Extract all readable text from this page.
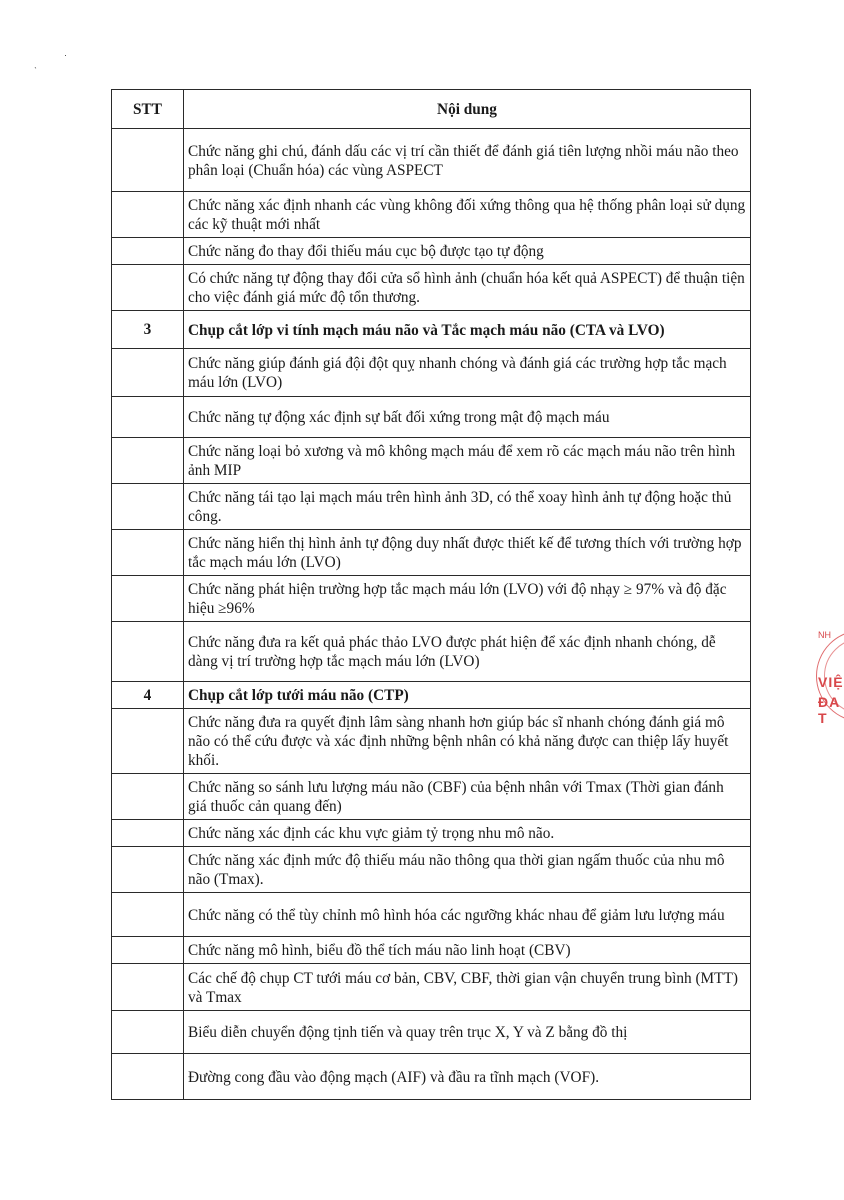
·
ˋ
STT	Nội dung
	Chức năng ghi chú, đánh dấu các vị trí cần thiết để đánh giá tiên lượng nhồi máu não theo phân loại (Chuẩn hóa) các vùng ASPECT
	Chức năng xác định nhanh các vùng không đối xứng thông qua hệ thống phân loại sử dụng các kỹ thuật mới nhất
	Chức năng đo thay đổi thiếu máu cục bộ được tạo tự động
	Có chức năng tự động thay đổi cửa sổ hình ảnh (chuẩn hóa kết quả ASPECT) để thuận tiện cho việc đánh giá mức độ tổn thương.
3	Chụp cắt lớp vi tính mạch máu não và Tắc mạch máu não (CTA và LVO)
	Chức năng giúp đánh giá đội đột quỵ nhanh chóng và đánh giá các trường hợp tắc mạch máu lớn (LVO)
	Chức năng tự động xác định sự bất đối xứng trong mật độ mạch máu
	Chức năng loại bỏ xương và mô không mạch máu để xem rõ các mạch máu não trên hình ảnh MIP
	Chức năng tái tạo lại mạch máu trên hình ảnh 3D, có thể xoay hình ảnh tự động hoặc thủ công.
	Chức năng hiển thị hình ảnh tự động duy nhất được thiết kế để tương thích với trường hợp tắc mạch máu lớn (LVO)
	Chức năng phát hiện trường hợp tắc mạch máu lớn (LVO) với độ nhạy ≥ 97% và độ đặc hiệu ≥96%
	Chức năng đưa ra kết quả phác thảo LVO được phát hiện để xác định nhanh chóng, dễ dàng vị trí trường hợp tắc mạch máu lớn (LVO)
4	Chụp cắt lớp tưới máu não (CTP)
	Chức năng đưa ra quyết định lâm sàng nhanh hơn giúp bác sĩ nhanh chóng đánh giá mô não có thể cứu được và xác định những bệnh nhân có khả năng được can thiệp lấy huyết khối.
	Chức năng so sánh lưu lượng máu não (CBF) của bệnh nhân với Tmax (Thời gian đánh giá thuốc cản quang đến)
	Chức năng xác định các khu vực giảm tỷ trọng nhu mô não.
	Chức năng xác định mức độ thiếu máu não thông qua thời gian ngấm thuốc của nhu mô não (Tmax).
	Chức năng có thể tùy chỉnh mô hình hóa các ngưỡng khác nhau để giảm lưu lượng máu
	Chức năng mô hình, biểu đồ thể tích máu não linh hoạt (CBV)
	Các chế độ chụp CT tưới máu cơ bản, CBV, CBF, thời gian vận chuyển trung bình (MTT) và Tmax
	Biểu diễn chuyển động tịnh tiến và quay trên trục X, Y và Z bằng đồ thị
	Đường cong đầu vào động mạch (AIF) và đầu ra tĩnh mạch (VOF).
NH
VIỆ
ĐA T
